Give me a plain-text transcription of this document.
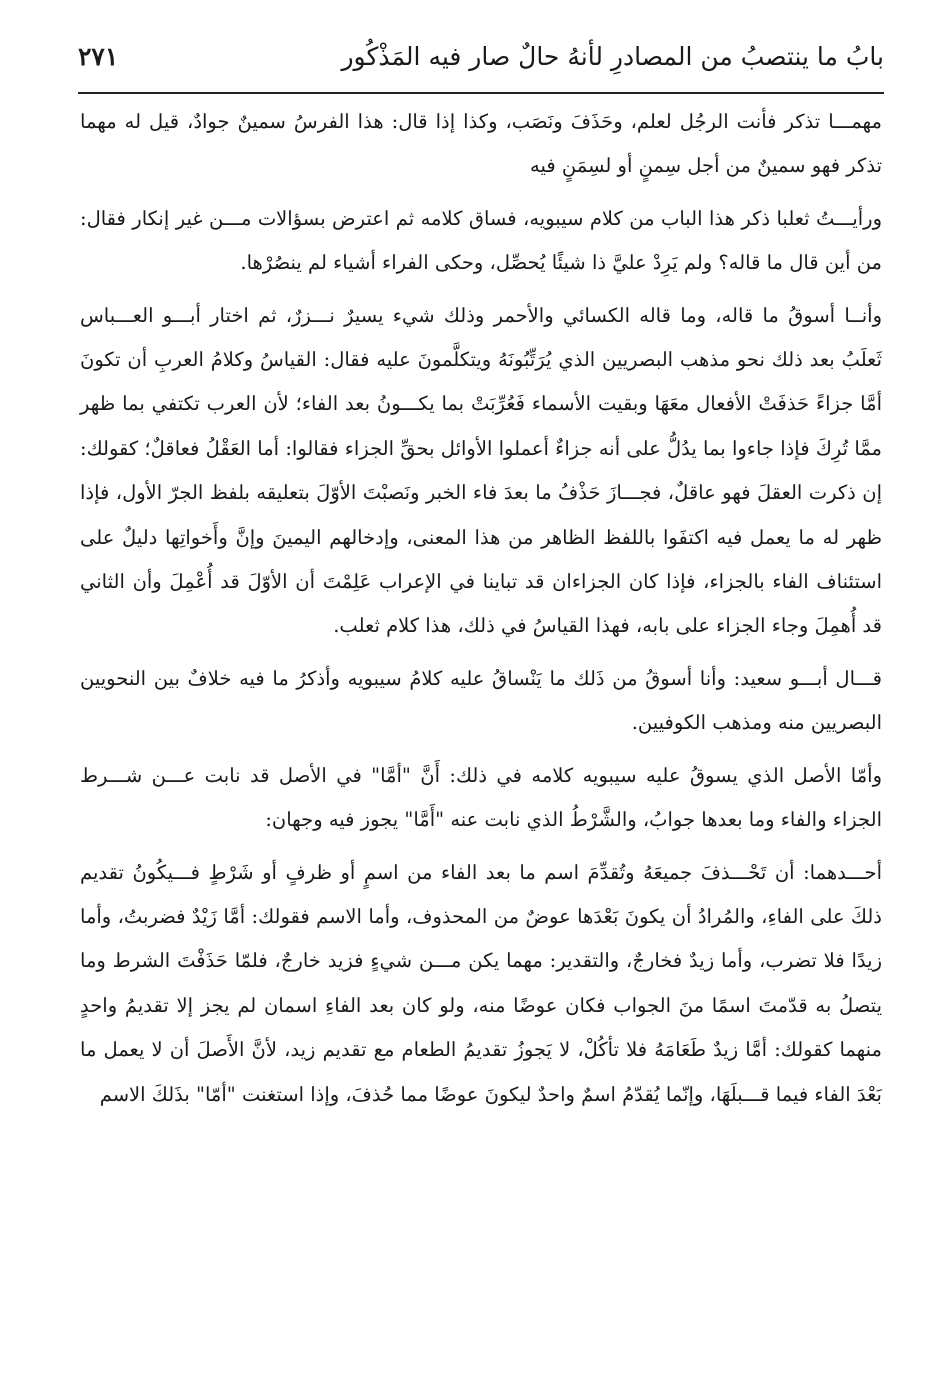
بابُ ما ينتصبُ من المصادرِ لأنهُ حالٌ صار فيه المَذْكُور
٢٧١

مهمـــا تذكر فأنت الرجُل لعلم، وحَذَفَ ونَصَب، وكذا إذا قال: هذا الفرسُ سمينٌ جوادٌ، قيل له مهما تذكر فهو سمينٌ من أجل سِمنٍ أو لسِمَنٍ فيه

ورأيـــتُ ثعلبا ذكر هذا الباب من كلام سيبويه، فساق كلامه ثم اعترض بسؤالات مـــن غير إنكار فقال: من أين قال ما قاله؟ ولم يَرِدْ عليَّ ذا شيئًا يُحصِّل، وحكى الفراء أشياء لم ينصُرْها.

وأنــا أسوقُ ما قاله، وما قاله الكسائي والأحمر وذلك شيء يسيرٌ نـــزرٌ، ثم اختار أبـــو العـــباس ثَعلَبُ بعد ذلك نحو مذهب البصريين الذي يُرَتِّبُونَهُ ويتكلَّمونَ عليه فقال: القياسُ وكلامُ العربِ أن تكونَ أمَّا جزاءً حَذفَتْ الأفعال معَهَا وبقيت الأسماء فَعُرِّبَتْ بما يكـــونُ بعد الفاء؛ لأن العرب تكتفي بما ظهر ممَّا تُرِكَ فإذا جاءوا بما يدُلُّ على أنه جزاءٌ أعملوا الأوائل بحقِّ الجزاء فقالوا: أما العَقْلُ فعاقلٌ؛ كقولك: إن ذكرت العقلَ فهو عاقلٌ، فجـــازَ حَذْفُ ما بعدَ فاء الخبر ونَصبْتَ الأوّلَ بتعليقه بلفظ الجرّ الأول، فإذا ظهر له ما يعمل فيه اكتفَوا باللفظ الظاهر من هذا المعنى، وإدخالهم اليمينَ وإنَّ وأَخواتِها دليلٌ على استئناف الفاء بالجزاء، فإذا كان الجزاءان قد تباينا في الإعراب عَلِمْتَ أن الأوّلَ قد أُعْمِلَ وأن الثاني قد أُهمِلَ وجاء الجزاء على بابه، فهذا القياسُ في ذلك، هذا كلام ثعلب.

قـــال أبـــو سعيد: وأنا أسوقُ من ذَلك ما يَنْساقُ عليه كلامُ سيبويه وأذكرُ ما فيه خلافٌ بين النحويين البصريين منه ومذهب الكوفيين.

وأمّا الأصل الذي يسوقُ عليه سيبويه كلامه في ذلك: أَنَّ "أمَّا" في الأصل قد نابت عـــن شـــرط الجزاء والفاء وما بعدها جوابُ، والشَّرْطُ الذي نابت عنه "أَمَّا" يجوز فيه وجهان:

أحـــدهما: أن تَحْـــذفَ جميعَهُ وتُقدِّمَ اسم ما بعد الفاء من اسمٍ أو ظرفٍ أو شَرْطٍ فـــيكُونُ تقديم ذلكَ على الفاءِ، والمُرادُ أن يكونَ بَعْدَها عوضٌ من المحذوف، وأما الاسم فقولك: أمَّا زَيْدٌ فضربتُ، وأما زيدًا فلا تضرب، وأما زيدٌ فخارجٌ، والتقدير: مهما يكن مـــن شيءٍ فزيد خارجٌ، فلمّا حَذَفْتَ الشرط وما يتصلُ به قدّمتَ اسمًا منَ الجواب فكان عوضًا منه، ولو كان بعد الفاءِ اسمان لم يجز إلا تقديمُ واحدٍ منهما كقولك: أمَّا زيدٌ طَعَامَهُ فلا تأكُلْ، لا يَجوزُ تقديمُ الطعام مع تقديم زيد، لأنَّ الأَصلَ أن لا يعمل ما بَعْدَ الفاء فيما قـــبلَهَا، وإنّما يُقدّمُ اسمٌ واحدٌ ليكونَ عوضًا مما حُذفَ، وإذا استغنت "أمّا" بذَلكَ الاسم
